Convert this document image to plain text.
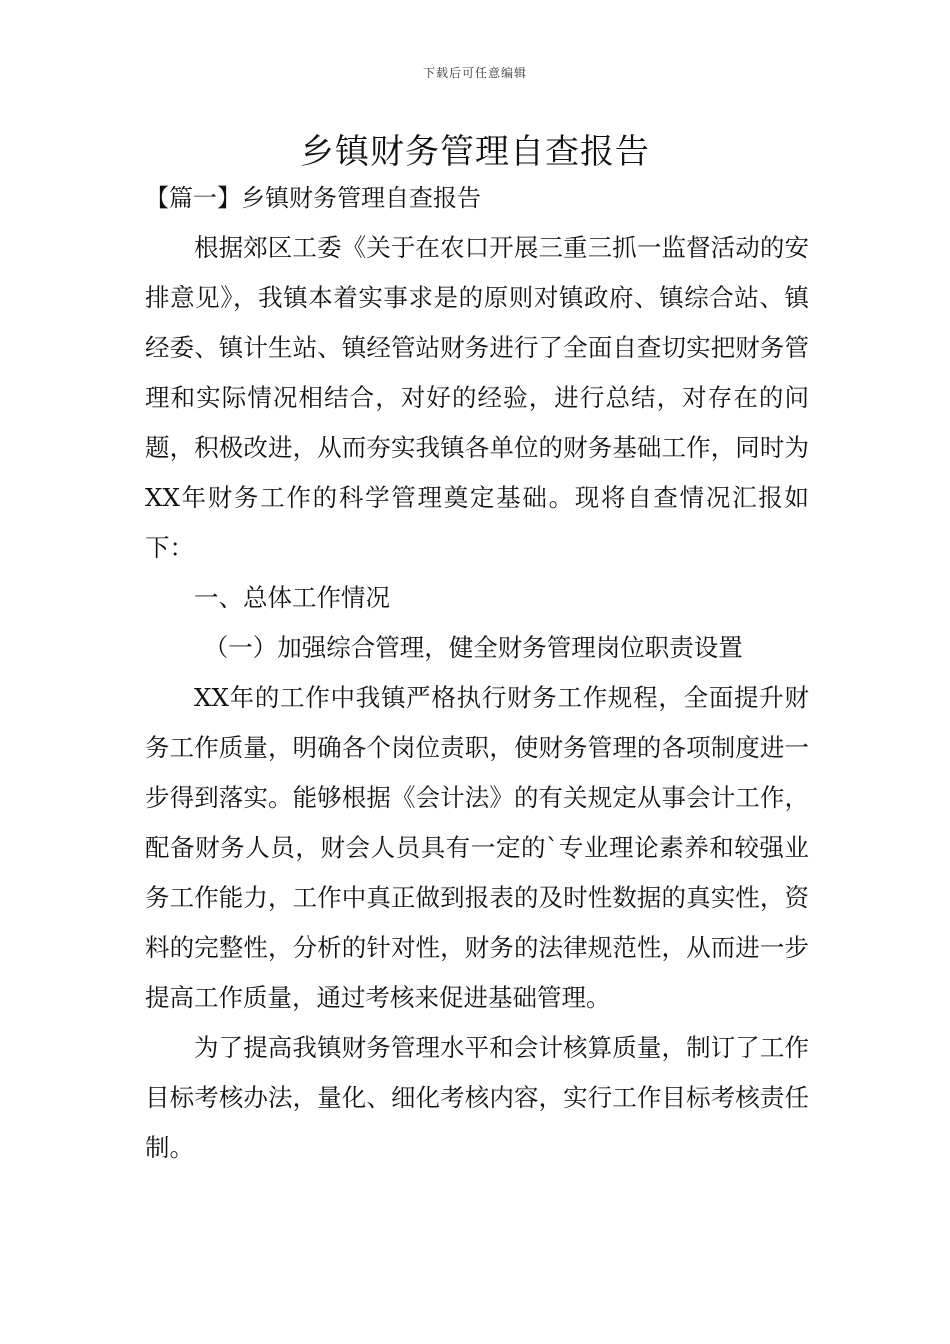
下载后可任意编辑
乡镇财务管理自查报告
【篇一】乡镇财务管理自查报告

根据郊区工委《关于在农口开展三重三抓一监督活动的安排意见》，我镇本着实事求是的原则对镇政府、镇综合站、镇经委、镇计生站、镇经管站财务进行了全面自查切实把财务管理和实际情况相结合，对好的经验，进行总结，对存在的问题，积极改进，从而夯实我镇各单位的财务基础工作，同时为XX年财务工作的科学管理奠定基础。现将自查情况汇报如下：

一、总体工作情况

（一）加强综合管理，健全财务管理岗位职责设置

XX年的工作中我镇严格执行财务工作规程，全面提升财务工作质量，明确各个岗位责职，使财务管理的各项制度进一步得到落实。能够根据《会计法》的有关规定从事会计工作，配备财务人员，财会人员具有一定的`专业理论素养和较强业务工作能力，工作中真正做到报表的及时性数据的真实性，资料的完整性，分析的针对性，财务的法律规范性，从而进一步提高工作质量，通过考核来促进基础管理。

为了提高我镇财务管理水平和会计核算质量，制订了工作目标考核办法，量化、细化考核内容，实行工作目标考核责任制。
